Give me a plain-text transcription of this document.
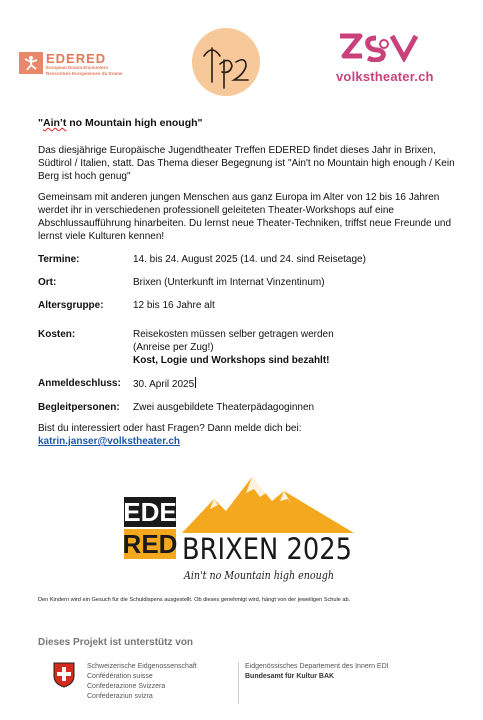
EDERED
European Drama Encounters
Rencontres Européennes du Drame	volkstheater.ch
"Ain’t no Mountain high enough"

Das diesjährige Europäische Jugendtheater Treffen EDERED findet dieses Jahr in Brixen, Südtirol / Italien, statt. Das Thema dieser Begegnung ist "Ain't no Mountain high enough / Kein Berg ist hoch genug"

Gemeinsam mit anderen jungen Menschen aus ganz Europa im Alter von 12 bis 16 Jahren werdet ihr in verschiedenen professionell geleiteten Theater-Workshops auf eine Abschlussaufführung hinarbeiten. Du lernst neue Theater-Techniken, triffst neue Freunde und lernst viele Kulturen kennen!

Termine:	14. bis 24. August 2025 (14. und 24. sind Reisetage)
Ort:	Brixen (Unterkunft im Internat Vinzentinum)
Altersgruppe:	12 bis 16 Jahre alt
Kosten:	Reisekosten müssen selber getragen werden
(Anreise per Zug!)
Kost, Logie und Workshops sind bezahlt!
Anmeldeschluss:	30. April 2025
Begleitpersonen:	Zwei ausgebildete Theaterpädagoginnen
Bist du interessiert oder hast Fragen? Dann melde dich bei:
katrin.janser@volkstheater.ch
EDE
RED BRIXEN 2025
Ain't no Mountain high enough
Den Kindern wird ein Gesuch für die Schuldispens ausgestellt. Ob dieses genehmigt wird, hängt von der jeweiligen Schule ab.
Dieses Projekt ist unterstütz von
Schweizerische Eidgenossenschaft
Confédération suisse
Confederazione Svizzera
Confederaziun svizra
Eidgenössisches Departement des Innern EDI
Bundesamt für Kultur BAK
